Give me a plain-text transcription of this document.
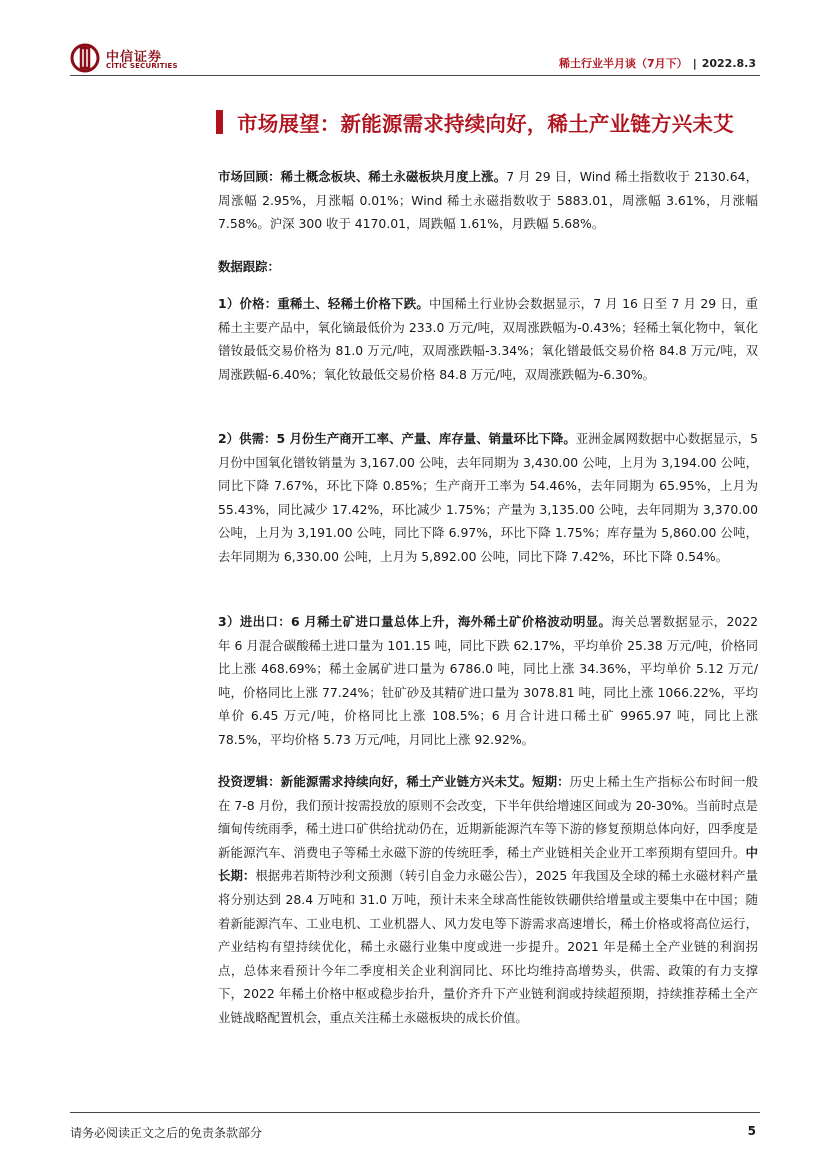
中信证券
CITIC SECURITIES	稀土行业半月谈（7月下） | 2022.8.3
市场展望：新能源需求持续向好，稀土产业链方兴未艾
市场回顾：稀土概念板块、稀土永磁板块月度上涨。7 月 29 日，Wind 稀土指数收于 2130.64，周涨幅 2.95%，月涨幅 0.01%；Wind 稀土永磁指数收于 5883.01，周涨幅 3.61%，月涨幅 7.58%。沪深 300 收于 4170.01，周跌幅 1.61%，月跌幅 5.68%。
数据跟踪：
1）价格：重稀土、轻稀土价格下跌。中国稀土行业协会数据显示，7 月 16 日至 7 月 29 日，重稀土主要产品中，氧化镝最低价为 233.0 万元/吨，双周涨跌幅为-0.43%；轻稀土氧化物中，氧化镨钕最低交易价格为 81.0 万元/吨，双周涨跌幅-3.34%；氧化镨最低交易价格 84.8 万元/吨，双周涨跌幅-6.40%；氧化钕最低交易价格 84.8 万元/吨，双周涨跌幅为-6.30%。
2）供需：5 月份生产商开工率、产量、库存量、销量环比下降。亚洲金属网数据中心数据显示，5 月份中国氧化镨钕销量为 3,167.00 公吨，去年同期为 3,430.00 公吨，上月为 3,194.00 公吨，同比下降 7.67%，环比下降 0.85%；生产商开工率为 54.46%，去年同期为 65.95%，上月为 55.43%，同比减少 17.42%，环比减少 1.75%；产量为 3,135.00 公吨，去年同期为 3,370.00 公吨，上月为 3,191.00 公吨，同比下降 6.97%，环比下降 1.75%；库存量为 5,860.00 公吨，去年同期为 6,330.00 公吨，上月为 5,892.00 公吨，同比下降 7.42%，环比下降 0.54%。
3）进出口：6 月稀土矿进口量总体上升，海外稀土矿价格波动明显。海关总署数据显示，2022 年 6 月混合碳酸稀土进口量为 101.15 吨，同比下跌 62.17%，平均单价 25.38 万元/吨，价格同比上涨 468.69%；稀土金属矿进口量为 6786.0 吨，同比上涨 34.36%，平均单价 5.12 万元/吨，价格同比上涨 77.24%；钍矿砂及其精矿进口量为 3078.81 吨，同比上涨 1066.22%，平均单价 6.45 万元/吨，价格同比上涨 108.5%；6 月合计进口稀土矿 9965.97 吨，同比上涨 78.5%，平均价格 5.73 万元/吨，月同比上涨 92.92%。
投资逻辑：新能源需求持续向好，稀土产业链方兴未艾。短期：历史上稀土生产指标公布时间一般在 7-8 月份，我们预计按需投放的原则不会改变，下半年供给增速区间或为 20-30%。当前时点是缅甸传统雨季，稀土进口矿供给扰动仍在，近期新能源汽车等下游的修复预期总体向好，四季度是新能源汽车、消费电子等稀土永磁下游的传统旺季，稀土产业链相关企业开工率预期有望回升。中长期：根据弗若斯特沙利文预测（转引自金力永磁公告），2025 年我国及全球的稀土永磁材料产量将分别达到 28.4 万吨和 31.0 万吨，预计未来全球高性能钕铁硼供给增量或主要集中在中国；随着新能源汽车、工业电机、工业机器人、风力发电等下游需求高速增长，稀土价格或将高位运行，产业结构有望持续优化，稀土永磁行业集中度或进一步提升。2021 年是稀土全产业链的利润拐点，总体来看预计今年二季度相关企业利润同比、环比均维持高增势头，供需、政策的有力支撑下，2022 年稀土价格中枢或稳步抬升，量价齐升下产业链利润或持续超预期，持续推荐稀土全产业链战略配置机会，重点关注稀土永磁板块的成长价值。
请务必阅读正文之后的免责条款部分	5
